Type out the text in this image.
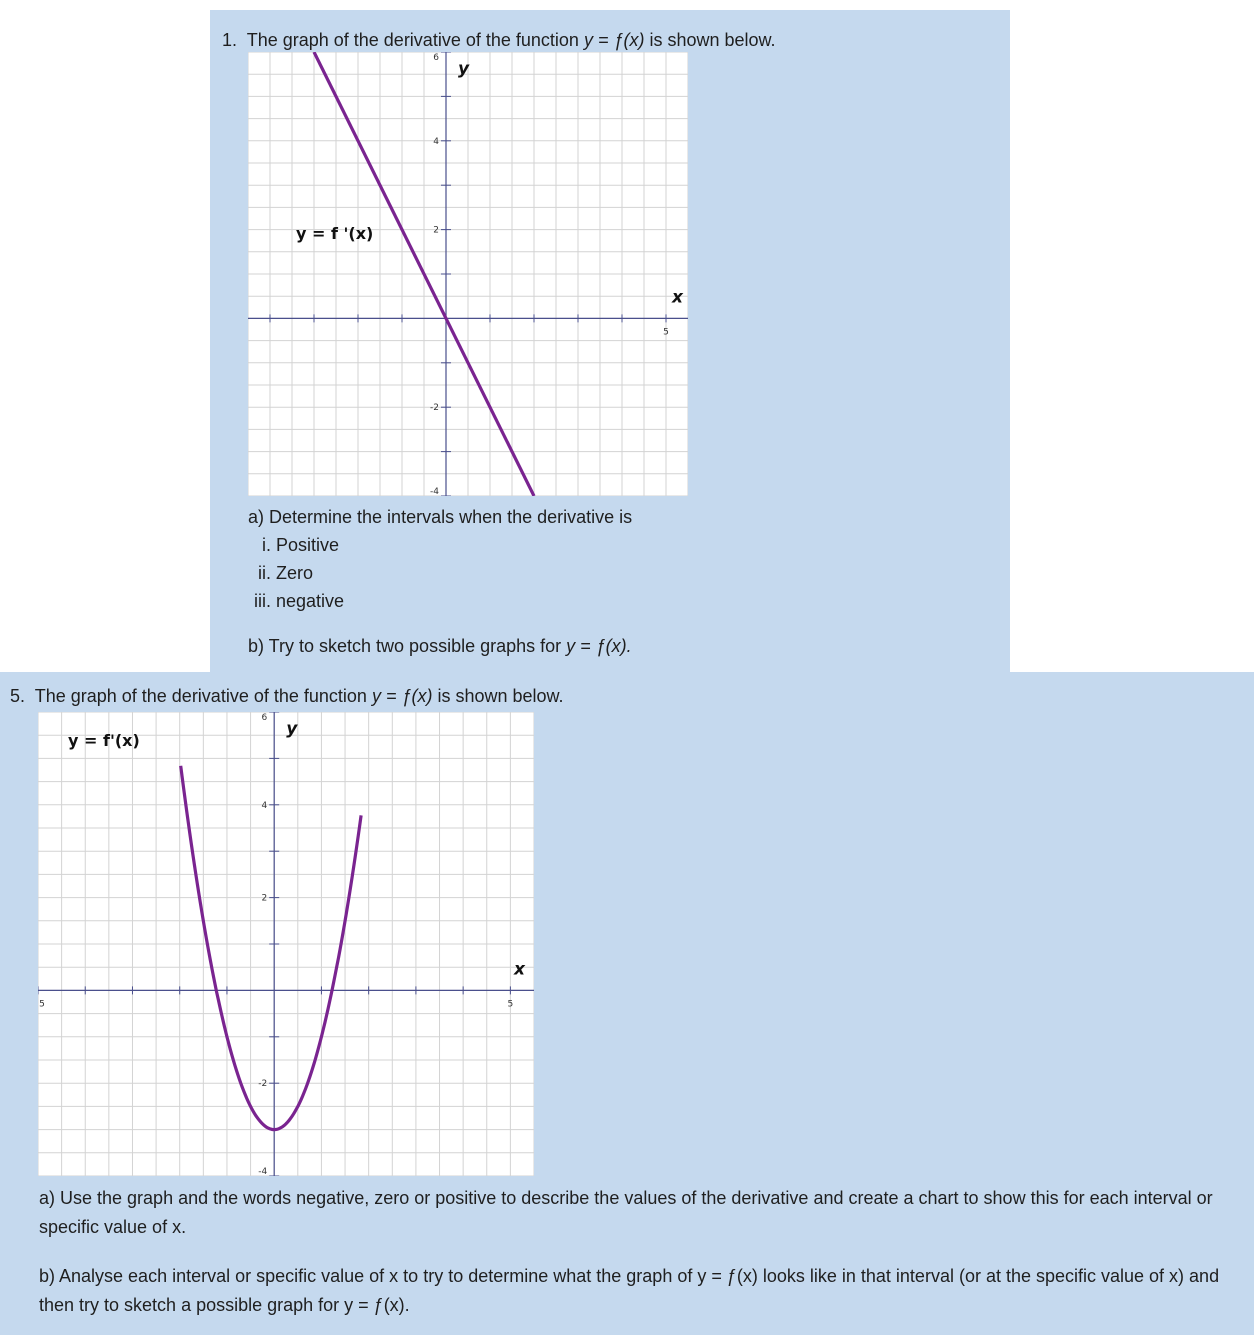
1. The graph of the derivative of the function y = ƒ(x) is shown below.
6
4
2
-2
-4
5
y
x
y = f '(x)
a) Determine the intervals when the derivative is
i. Positive
ii. Zero
iii. negative
b) Try to sketch two possible graphs for y = ƒ(x).
5. The graph of the derivative of the function y = ƒ(x) is shown below.
6
4
2
-2
-4
5	5
y
x
y = f'(x)
a) Use the graph and the words negative, zero or positive to describe the values of the derivative and create a chart to show this for each interval or specific value of x.
b) Analyse each interval or specific value of x to try to determine what the graph of y = ƒ(x) looks like in that interval (or at the specific value of x) and then try to sketch a possible graph for y = ƒ(x).
